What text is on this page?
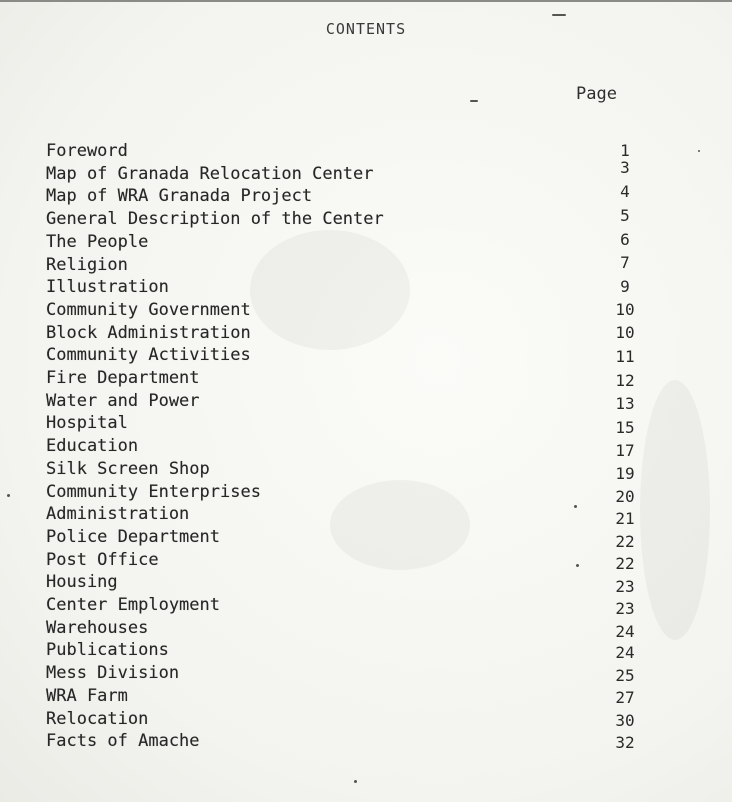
CONTENTS
Page
Foreword	1
Map of Granada Relocation Center	3
Map of WRA Granada Project	4
General Description of the Center	5
The People	6
Religion	7
Illustration	9
Community Government	10
Block Administration	10
Community Activities	11
Fire Department	12
Water and Power	13
Hospital	15
Education	17
Silk Screen Shop	19
Community Enterprises	20
Administration	21
Police Department	22
Post Office	22
Housing	23
Center Employment	23
Warehouses	24
Publications	24
Mess Division	25
WRA Farm	27
Relocation	30
Facts of Amache	32
